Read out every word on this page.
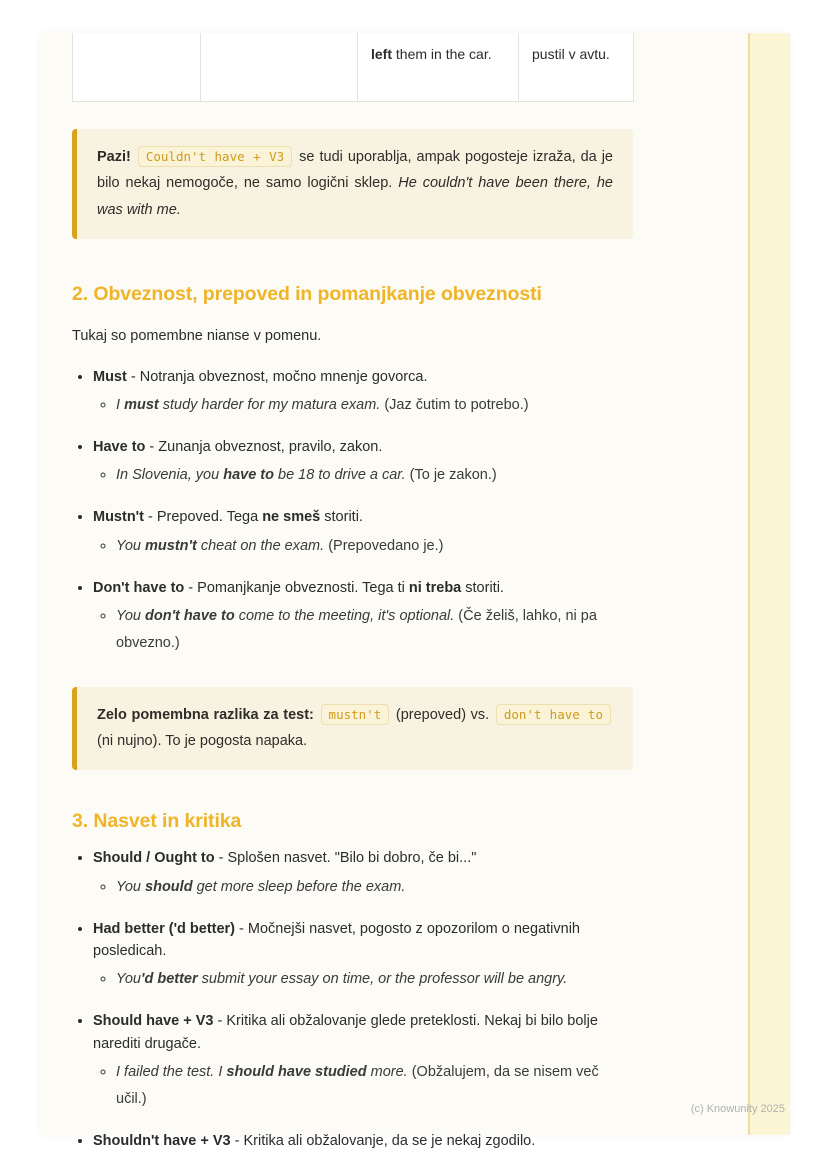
		left them in the car.	pustil v avtu.

Pazi! Couldn't have + V3 se tudi uporablja, ampak pogosteje izraža, da je bilo nekaj nemogoče, ne samo logični sklep. He couldn't have been there, he was with me.

2. Obveznost, prepoved in pomanjkanje obveznosti

Tukaj so pomembne nianse v pomenu.

• Must - Notranja obveznost, močno mnenje govorca.
◦ I must study harder for my matura exam. (Jaz čutim to potrebo.)
• Have to - Zunanja obveznost, pravilo, zakon.
◦ In Slovenia, you have to be 18 to drive a car. (To je zakon.)
• Mustn't - Prepoved. Tega ne smeš storiti.
◦ You mustn't cheat on the exam. (Prepovedano je.)
• Don't have to - Pomanjkanje obveznosti. Tega ti ni treba storiti.
◦ You don't have to come to the meeting, it's optional. (Če želiš, lahko, ni pa obvezno.)

Zelo pomembna razlika za test: mustn't (prepoved) vs. don't have to (ni nujno). To je pogosta napaka.

3. Nasvet in kritika
• Should / Ought to - Splošen nasvet. "Bilo bi dobro, če bi..."
◦ You should get more sleep before the exam.
• Had better ('d better) - Močnejši nasvet, pogosto z opozorilom o negativnih posledicah.
◦ You'd better submit your essay on time, or the professor will be angry.
• Should have + V3 - Kritika ali obžalovanje glede preteklosti. Nekaj bi bilo bolje narediti drugače.
◦ I failed the test. I should have studied more. (Obžalujem, da se nisem več učil.)
• Shouldn't have + V3 - Kritika ali obžalovanje, da se je nekaj zgodilo.
(c) Knowunity 2025
